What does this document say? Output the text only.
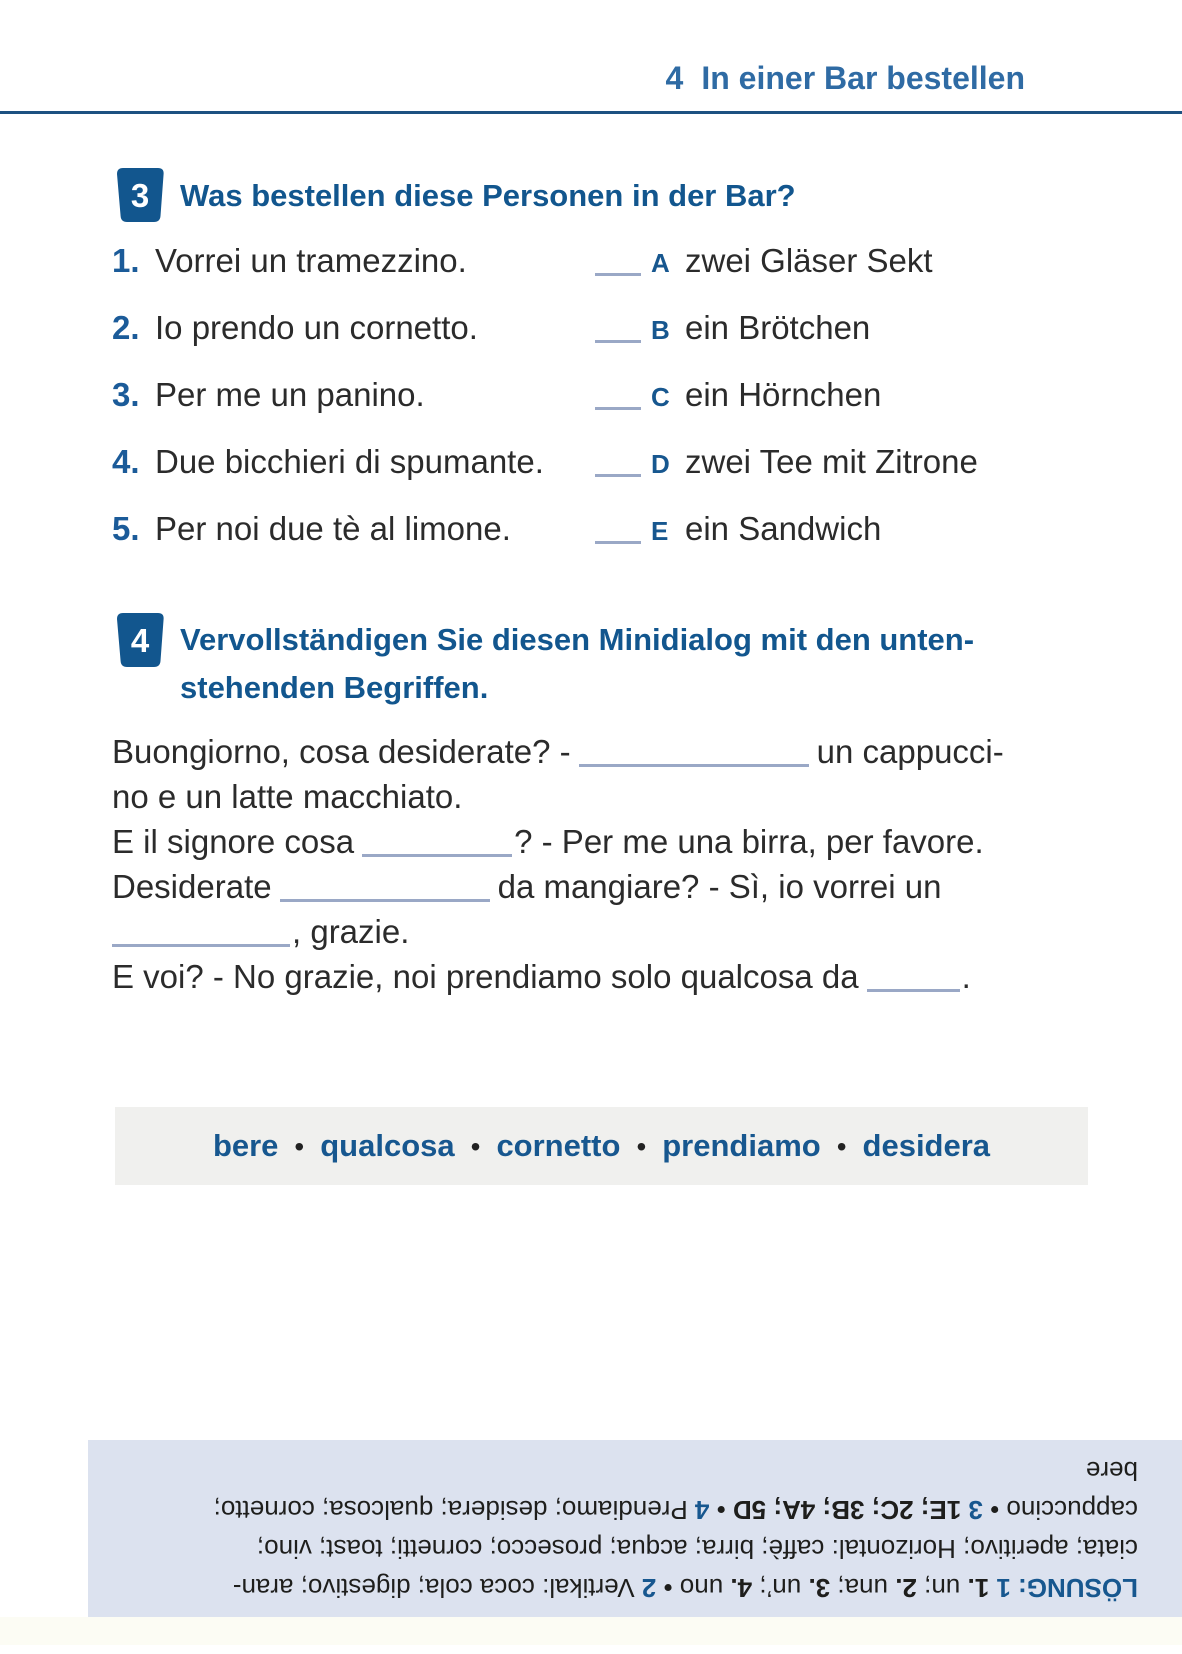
4 In einer Bar bestellen
3 Was bestellen diese Personen in der Bar?
1. Vorrei un tramezzino.	A zwei Gläser Sekt
2. Io prendo un cornetto.	B ein Brötchen
3. Per me un panino.	C ein Hörnchen
4. Due bicchieri di spumante.	D zwei Tee mit Zitrone
5. Per noi due tè al limone.	E ein Sandwich
4 Vervollständigen Sie diesen Minidialog mit den unten-
stehenden Begriffen.
Buongiorno, cosa desiderate? -	un cappucci-
no e un latte macchiato.
E il signore cosa	? - Per me una birra, per favore.
Desiderate	da mangiare? - Sì, io vorrei un
, grazie.
E voi? - No grazie, noi prendiamo solo qualcosa da	.
bere • qualcosa • cornetto • prendiamo • desidera
LÖSUNG: 1 1. un; 2. una; 3. un’; 4. uno • 2 Vertikal: coca cola; digestivo; aran-
ciata; aperitivo; Horizontal: caffè; birra; acqua; prosecco; cornetti; toast; vino;
cappuccino • 3 1E; 2C; 3B; 4A; 5D • 4 Prendiamo; desidera; qualcosa; cornetto;
bere
